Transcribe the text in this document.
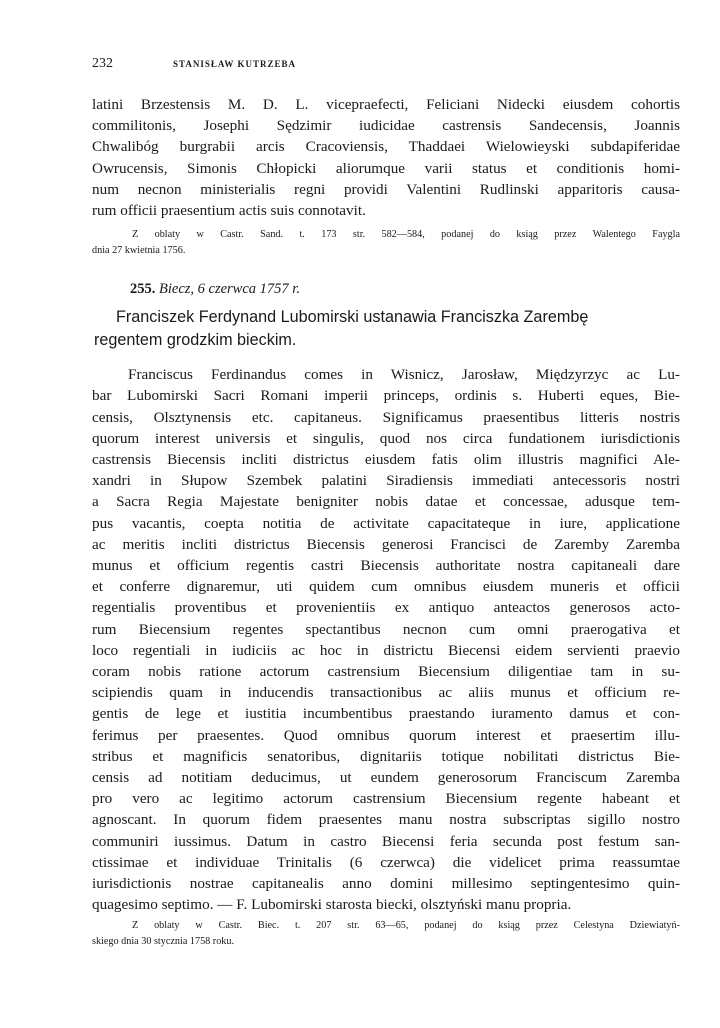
232	STANISŁAW KUTRZEBA
latini Brzestensis M. D. L. vicepraefecti, Feliciani Nidecki eiusdem cohortis
commilitonis, Josephi Sędzimir iudicidae castrensis Sandecensis, Joannis
Chwalibóg burgrabii arcis Cracoviensis, Thaddaei Wielowieyski subdapiferidae
Owrucensis, Simonis Chłopicki aliorumque varii status et conditionis homi-
num necnon ministerialis regni providi Valentini Rudlinski apparitoris causa-
rum officii praesentium actis suis connotavit.
Z oblaty w Castr. Sand. t. 173 str. 582—584, podanej do ksiąg przez Walentego Faygla
dnia 27 kwietnia 1756.
255. Biecz, 6 czerwca 1757 r.
Franciszek Ferdynand Lubomirski ustanawia Franciszka Zarembę
regentem grodzkim bieckim.
Franciscus Ferdinandus comes in Wisnicz, Jarosław, Międzyrzyc ac Lu-
bar Lubomirski Sacri Romani imperii princeps, ordinis s. Huberti eques, Bie-
censis, Olsztynensis etc. capitaneus. Significamus praesentibus litteris nostris
quorum interest universis et singulis, quod nos circa fundationem iurisdictionis
castrensis Biecensis incliti districtus eiusdem fatis olim illustris magnifici Ale-
xandri in Słupow Szembek palatini Siradiensis immediati antecessoris nostri
a Sacra Regia Majestate benigniter nobis datae et concessae, adusque tem-
pus vacantis, coepta notitia de activitate capacitateque in iure, applicatione
ac meritis incliti districtus Biecensis generosi Francisci de Zaremby Zaremba
munus et officium regentis castri Biecensis authoritate nostra capitaneali dare
et conferre dignaremur, uti quidem cum omnibus eiusdem muneris et officii
regentialis proventibus et provenientiis ex antiquo anteactos generosos acto-
rum Biecensium regentes spectantibus necnon cum omni praerogativa et
loco regentiali in iudiciis ac hoc in districtu Biecensi eidem servienti praevio
coram nobis ratione actorum castrensium Biecensium diligentiae tam in su-
scipiendis quam in inducendis transactionibus ac aliis munus et officium re-
gentis de lege et iustitia incumbentibus praestando iuramento damus et con-
ferimus per praesentes. Quod omnibus quorum interest et praesertim illu-
stribus et magnificis senatoribus, dignitariis totique nobilitati districtus Bie-
censis ad notitiam deducimus, ut eundem generosorum Franciscum Zaremba
pro vero ac legitimo actorum castrensium Biecensium regente habeant et
agnoscant. In quorum fidem praesentes manu nostra subscriptas sigillo nostro
communiri iussimus. Datum in castro Biecensi feria secunda post festum san-
ctissimae et individuae Trinitalis (6 czerwca) die videlicet prima reassumtae
iurisdictionis nostrae capitanealis anno domini millesimo septingentesimo quin-
quagesimo septimo. — F. Lubomirski starosta biecki, olsztyński manu propria.
Z oblaty w Castr. Biec. t. 207 str. 63—65, podanej do ksiąg przez Celestyna Dziewiatyń-
skiego dnia 30 stycznia 1758 roku.
